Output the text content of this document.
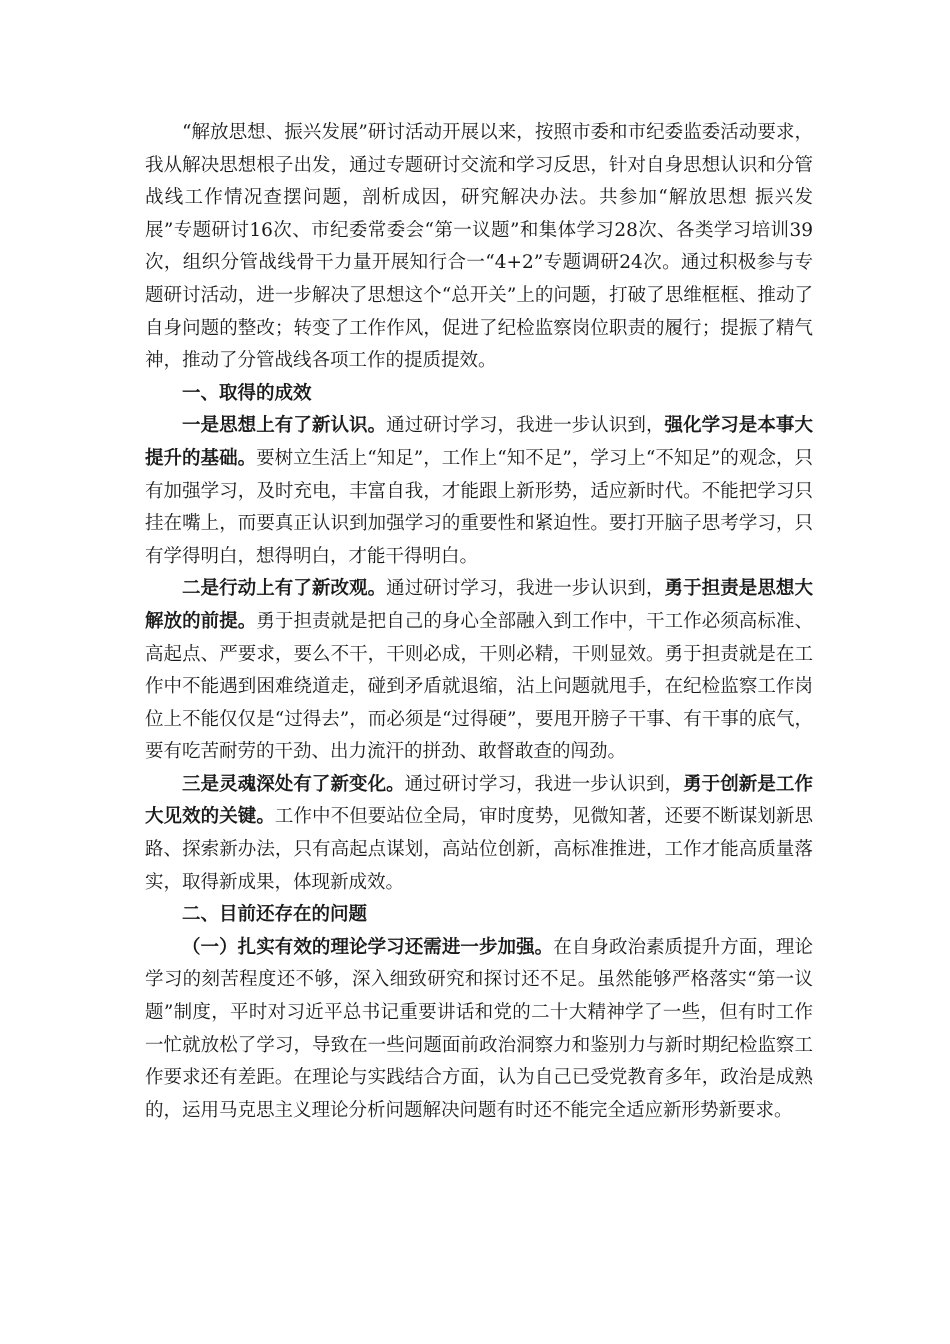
“解放思想、振兴发展”研讨活动开展以来，按照市委和市纪委监委活动要求，我从解决思想根子出发，通过专题研讨交流和学习反思，针对自身思想认识和分管战线工作情况查摆问题，剖析成因，研究解决办法。共参加“解放思想 振兴发展”专题研讨16次、市纪委常委会“第一议题”和集体学习28次、各类学习培训39次，组织分管战线骨干力量开展知行合一“4+2”专题调研24次。通过积极参与专题研讨活动，进一步解决了思想这个“总开关”上的问题，打破了思维框框、推动了自身问题的整改；转变了工作作风，促进了纪检监察岗位职责的履行；提振了精气神，推动了分管战线各项工作的提质提效。

一、取得的成效

一是思想上有了新认识。通过研讨学习，我进一步认识到，强化学习是本事大提升的基础。要树立生活上“知足”，工作上“知不足”，学习上“不知足”的观念，只有加强学习，及时充电，丰富自我，才能跟上新形势，适应新时代。不能把学习只挂在嘴上，而要真正认识到加强学习的重要性和紧迫性。要打开脑子思考学习，只有学得明白，想得明白，才能干得明白。

二是行动上有了新改观。通过研讨学习，我进一步认识到，勇于担责是思想大解放的前提。勇于担责就是把自己的身心全部融入到工作中，干工作必须高标准、高起点、严要求，要么不干，干则必成，干则必精，干则显效。勇于担责就是在工作中不能遇到困难绕道走，碰到矛盾就退缩，沾上问题就甩手，在纪检监察工作岗位上不能仅仅是“过得去”，而必须是“过得硬”，要甩开膀子干事、有干事的底气，要有吃苦耐劳的干劲、出力流汗的拼劲、敢督敢查的闯劲。

三是灵魂深处有了新变化。通过研讨学习，我进一步认识到，勇于创新是工作大见效的关键。工作中不但要站位全局，审时度势，见微知著，还要不断谋划新思路、探索新办法，只有高起点谋划，高站位创新，高标准推进，工作才能高质量落实，取得新成果，体现新成效。

二、目前还存在的问题

（一）扎实有效的理论学习还需进一步加强。在自身政治素质提升方面，理论学习的刻苦程度还不够，深入细致研究和探讨还不足。虽然能够严格落实“第一议题”制度，平时对习近平总书记重要讲话和党的二十大精神学了一些，但有时工作一忙就放松了学习，导致在一些问题面前政治洞察力和鉴别力与新时期纪检监察工作要求还有差距。在理论与实践结合方面，认为自己已受党教育多年，政治是成熟的，运用马克思主义理论分析问题解决问题有时还不能完全适应新形势新要求。
